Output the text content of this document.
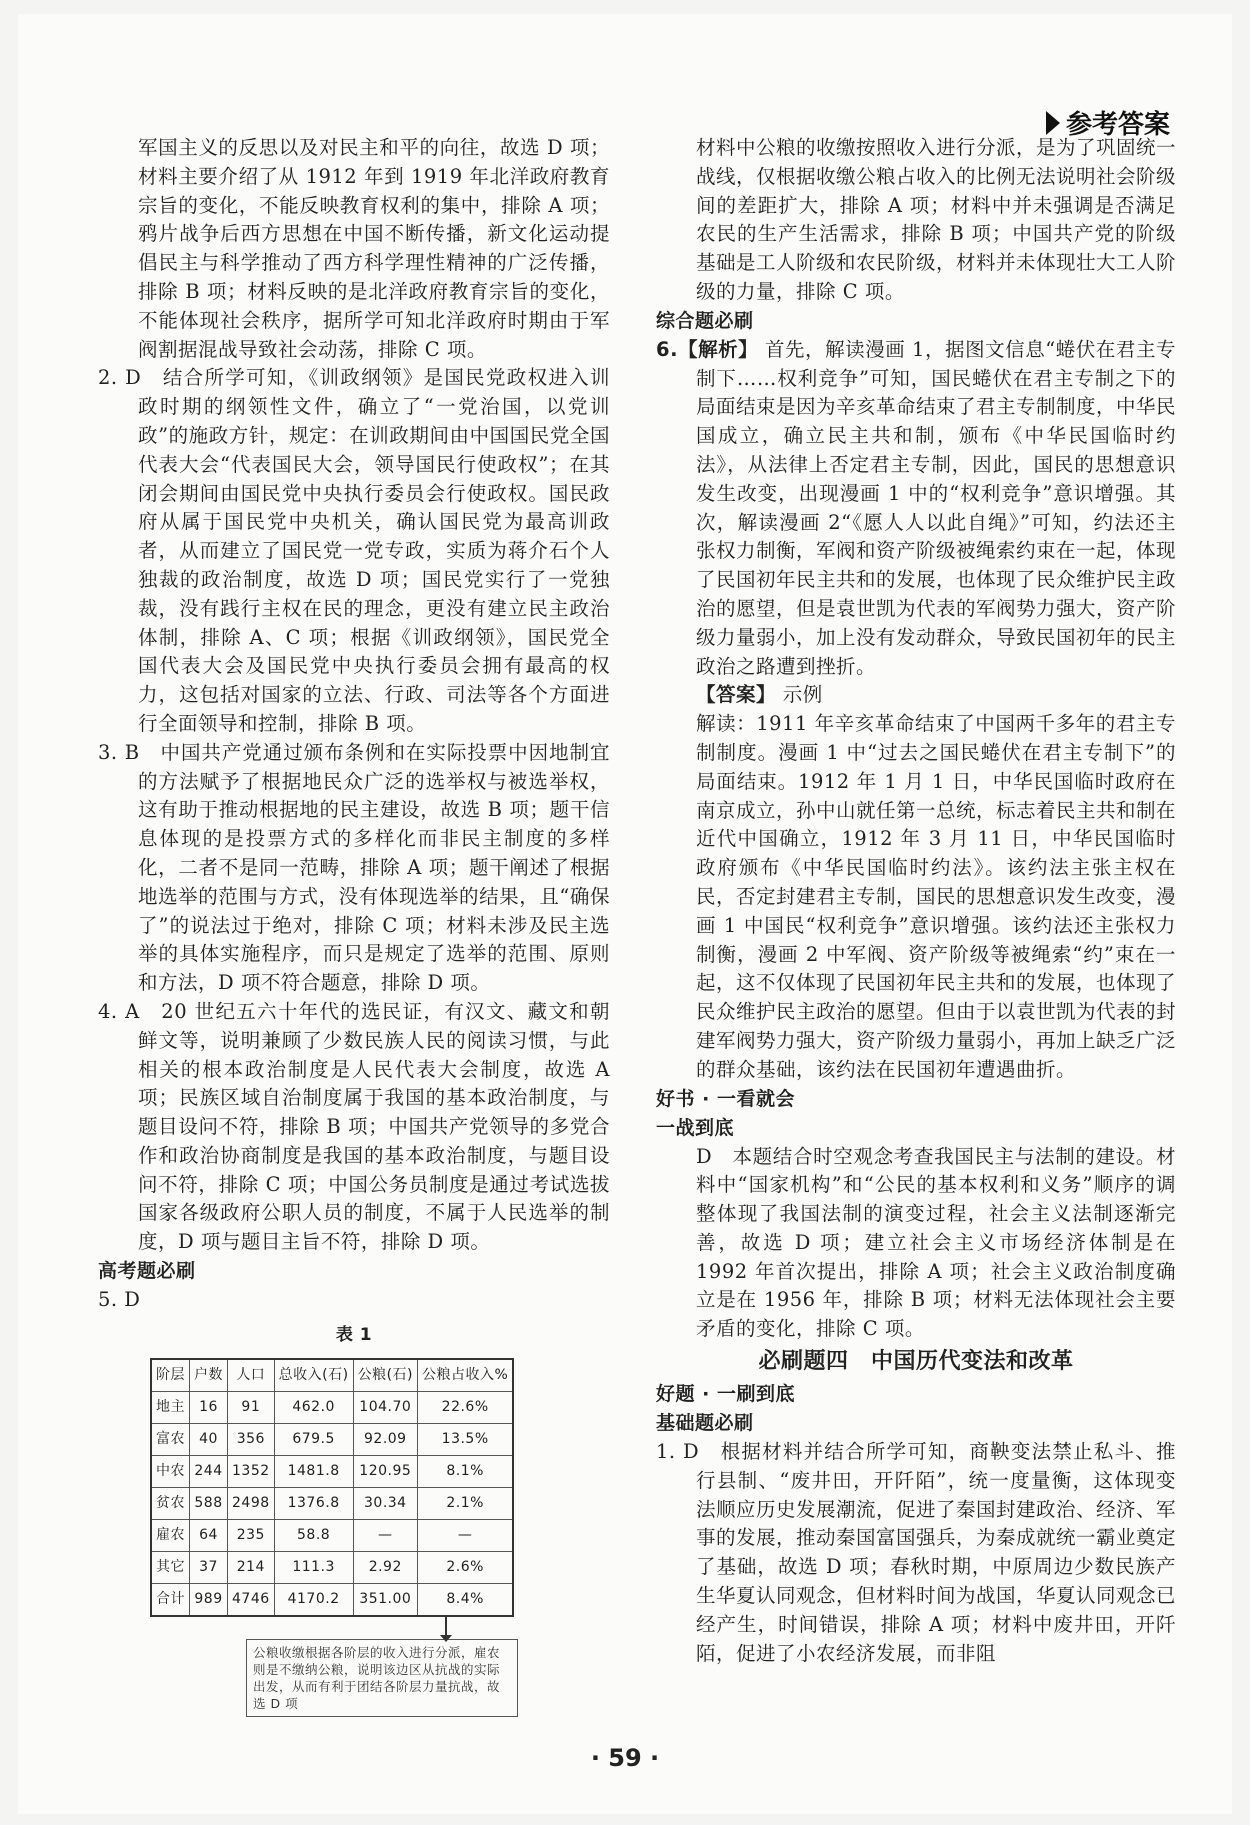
参考答案

军国主义的反思以及对民主和平的向往，故选 D 项；材料主要介绍了从 1912 年到 1919 年北洋政府教育宗旨的变化，不能反映教育权利的集中，排除 A 项；鸦片战争后西方思想在中国不断传播，新文化运动提倡民主与科学推动了西方科学理性精神的广泛传播，排除 B 项；材料反映的是北洋政府教育宗旨的变化，不能体现社会秩序，据所学可知北洋政府时期由于军阀割据混战导致社会动荡，排除 C 项。

2. D　结合所学可知，《训政纲领》是国民党政权进入训政时期的纲领性文件，确立了“一党治国，以党训政”的施政方针，规定：在训政期间由中国国民党全国代表大会“代表国民大会，领导国民行使政权”；在其闭会期间由国民党中央执行委员会行使政权。国民政府从属于国民党中央机关，确认国民党为最高训政者，从而建立了国民党一党专政，实质为蒋介石个人独裁的政治制度，故选 D 项；国民党实行了一党独裁，没有践行主权在民的理念，更没有建立民主政治体制，排除 A、C 项；根据《训政纲领》，国民党全国代表大会及国民党中央执行委员会拥有最高的权力，这包括对国家的立法、行政、司法等各个方面进行全面领导和控制，排除 B 项。

3. B　中国共产党通过颁布条例和在实际投票中因地制宜的方法赋予了根据地民众广泛的选举权与被选举权，这有助于推动根据地的民主建设，故选 B 项；题干信息体现的是投票方式的多样化而非民主制度的多样化，二者不是同一范畴，排除 A 项；题干阐述了根据地选举的范围与方式，没有体现选举的结果，且“确保了”的说法过于绝对，排除 C 项；材料未涉及民主选举的具体实施程序，而只是规定了选举的范围、原则和方法，D 项不符合题意，排除 D 项。

4. A　20 世纪五六十年代的选民证，有汉文、藏文和朝鲜文等，说明兼顾了少数民族人民的阅读习惯，与此相关的根本政治制度是人民代表大会制度，故选 A 项；民族区域自治制度属于我国的基本政治制度，与题目设问不符，排除 B 项；中国共产党领导的多党合作和政治协商制度是我国的基本政治制度，与题目设问不符，排除 C 项；中国公务员制度是通过考试选拔国家各级政府公职人员的制度，不属于人民选举的制度，D 项与题目主旨不符，排除 D 项。

高考题必刷

5. D

表 1
阶层	户数	人口	总收入(石)	公粮(石)	公粮占收入%
地主	16	91	462.0	104.70	22.6%
富农	40	356	679.5	92.09	13.5%
中农	244	1352	1481.8	120.95	8.1%
贫农	588	2498	1376.8	30.34	2.1%
雇农	64	235	58.8	—	—
其它	37	214	111.3	2.92	2.6%
合计	989	4746	4170.2	351.00	8.4%
公粮收缴根据各阶层的收入进行分派，雇农则是不缴纳公粮，说明该边区从抗战的实际出发，从而有利于团结各阶层力量抗战，故选 D 项

材料中公粮的收缴按照收入进行分派，是为了巩固统一战线，仅根据收缴公粮占收入的比例无法说明社会阶级间的差距扩大，排除 A 项；材料中并未强调是否满足农民的生产生活需求，排除 B 项；中国共产党的阶级基础是工人阶级和农民阶级，材料并未体现壮大工人阶级的力量，排除 C 项。

综合题必刷

6.【解析】 首先，解读漫画 1，据图文信息“蜷伏在君主专制下……权利竞争”可知，国民蜷伏在君主专制之下的局面结束是因为辛亥革命结束了君主专制制度，中华民国成立，确立民主共和制，颁布《中华民国临时约法》，从法律上否定君主专制，因此，国民的思想意识发生改变，出现漫画 1 中的“权利竞争”意识增强。其次，解读漫画 2“《愿人人以此自绳》”可知，约法还主张权力制衡，军阀和资产阶级被绳索约束在一起，体现了民国初年民主共和的发展，也体现了民众维护民主政治的愿望，但是袁世凯为代表的军阀势力强大，资产阶级力量弱小，加上没有发动群众，导致民国初年的民主政治之路遭到挫折。

【答案】 示例

解读：1911 年辛亥革命结束了中国两千多年的君主专制制度。漫画 1 中“过去之国民蜷伏在君主专制下”的局面结束。1912 年 1 月 1 日，中华民国临时政府在南京成立，孙中山就任第一总统，标志着民主共和制在近代中国确立，1912 年 3 月 11 日，中华民国临时政府颁布《中华民国临时约法》。该约法主张主权在民，否定封建君主专制，国民的思想意识发生改变，漫画 1 中国民“权利竞争”意识增强。该约法还主张权力制衡，漫画 2 中军阀、资产阶级等被绳索“约”束在一起，这不仅体现了民国初年民主共和的发展，也体现了民众维护民主政治的愿望。但由于以袁世凯为代表的封建军阀势力强大，资产阶级力量弱小，再加上缺乏广泛的群众基础，该约法在民国初年遭遇曲折。

好书 · 一看就会

一战到底

D　本题结合时空观念考查我国民主与法制的建设。材料中“国家机构”和“公民的基本权利和义务”顺序的调整体现了我国法制的演变过程，社会主义法制逐渐完善，故选 D 项；建立社会主义市场经济体制是在 1992 年首次提出，排除 A 项；社会主义政治制度确立是在 1956 年，排除 B 项；材料无法体现社会主要矛盾的变化，排除 C 项。

必刷题四　中国历代变法和改革

好题 · 一刷到底

基础题必刷

1. D　根据材料并结合所学可知，商鞅变法禁止私斗、推行县制、“废井田，开阡陌”，统一度量衡，这体现变法顺应历史发展潮流，促进了秦国封建政治、经济、军事的发展，推动秦国富国强兵，为秦成就统一霸业奠定了基础，故选 D 项；春秋时期，中原周边少数民族产生华夏认同观念，但材料时间为战国，华夏认同观念已经产生，时间错误，排除 A 项；材料中废井田，开阡陌，促进了小农经济发展，而非阻

· 59 ·
